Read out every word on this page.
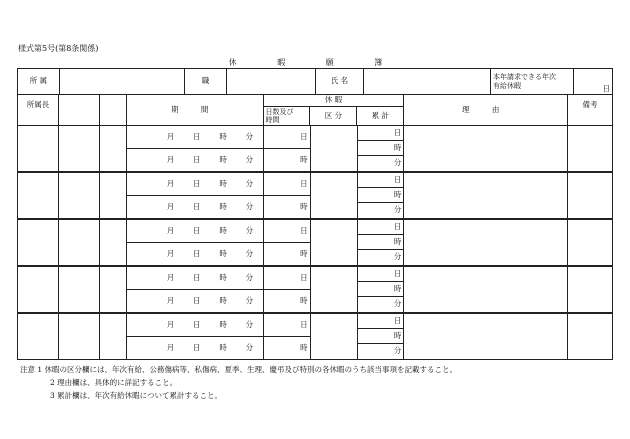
様式第5号(第8条関係)
休 暇 願 簿
所 属		職		氏 名		本年請求できる年次
有給休暇	日
所属長			期 間	休 暇			理 由	備考

				日数及び
時間	区 分	累 計		
			月 日 時 分	日		日		
						時		

			月 日 時 分	時				
						分		

			月 日 時 分	日		日		
						時		

			月 日 時 分	時				
						分		

			月 日 時 分	日		日		
						時		

			月 日 時 分	時				
						分		

			月 日 時 分	日		日		
						時		

			月 日 時 分	時				
						分		

			月 日 時 分	日		日		
						時		

			月 日 時 分	時				
						分		

注意 1 休暇の区分欄には、年次有給、公務傷病等、私傷病、夏季、生理、慶弔及び特別の各休暇のうち該当事項を記載すること。
2 理由欄は、具体的に詳記すること。
3 累計欄は、年次有給休暇について累計すること。
